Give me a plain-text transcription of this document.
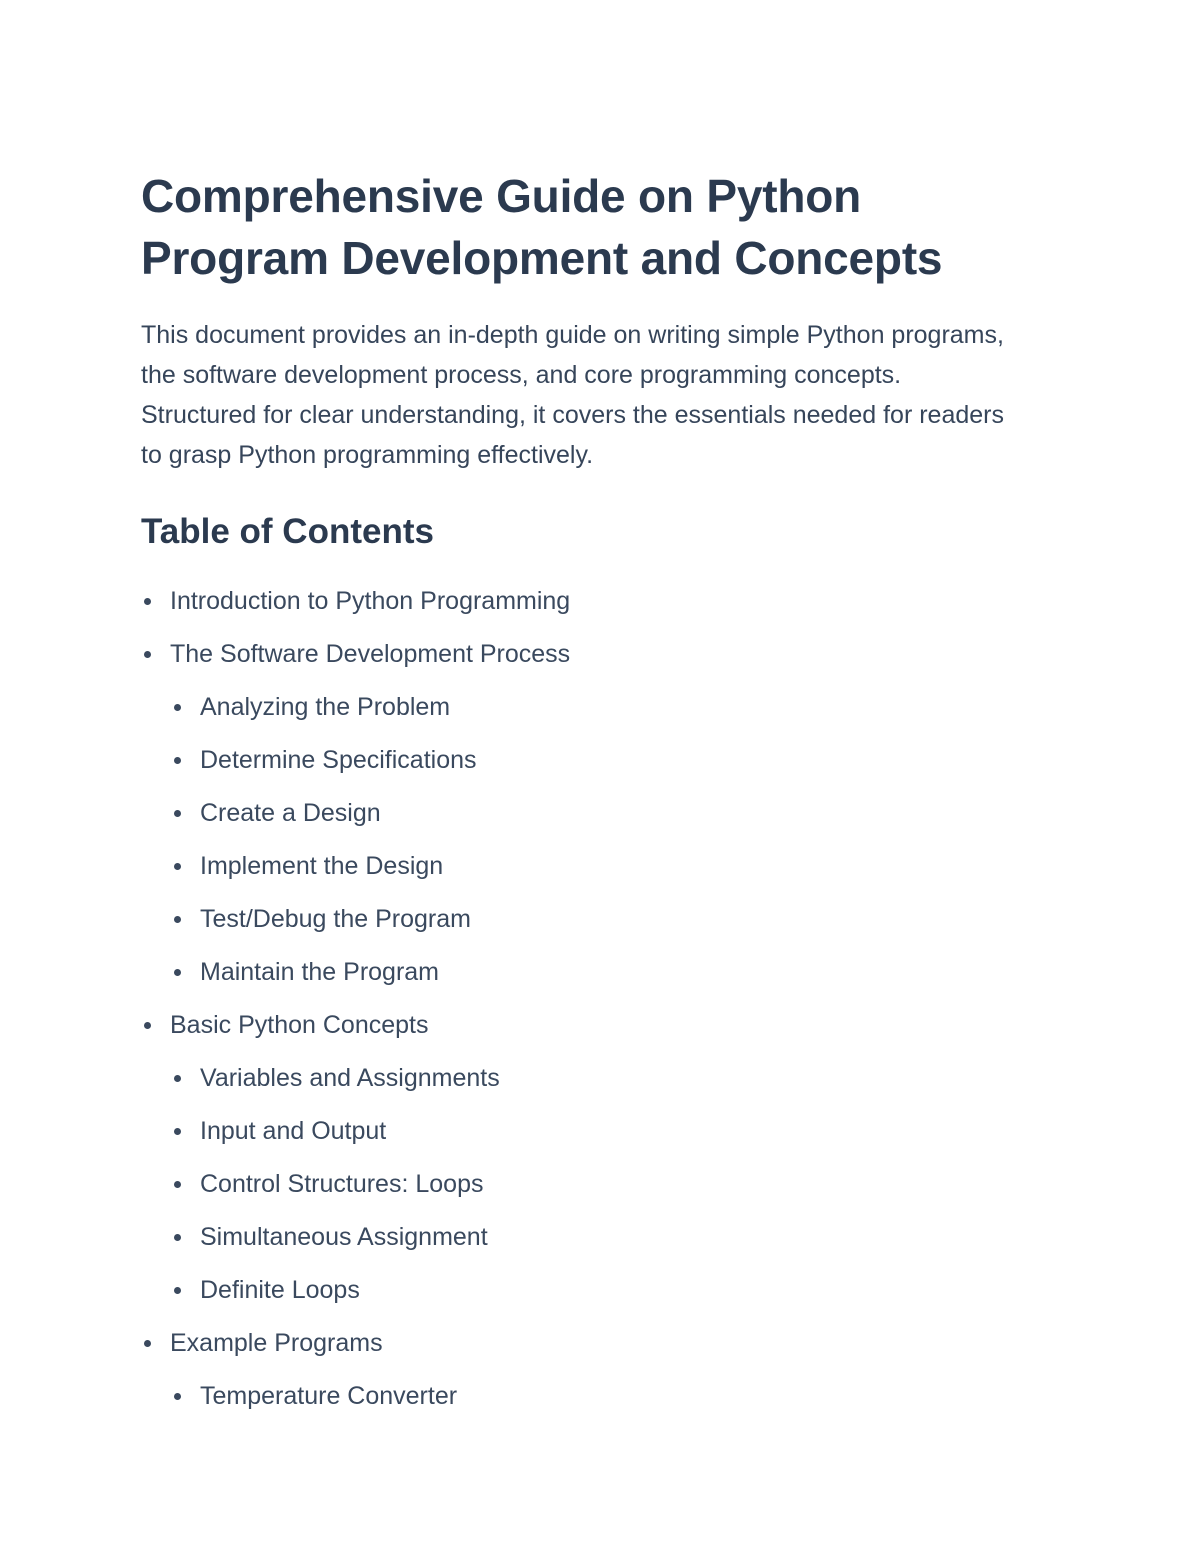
Comprehensive Guide on Python Program Development and Concepts

This document provides an in-depth guide on writing simple Python programs, the software development process, and core programming concepts. Structured for clear understanding, it covers the essentials needed for readers to grasp Python programming effectively.

Table of Contents
Introduction to Python Programming
The Software Development Process
Analyzing the Problem
Determine Specifications
Create a Design
Implement the Design
Test/Debug the Program
Maintain the Program
Basic Python Concepts
Variables and Assignments
Input and Output
Control Structures: Loops
Simultaneous Assignment
Definite Loops
Example Programs
Temperature Converter
